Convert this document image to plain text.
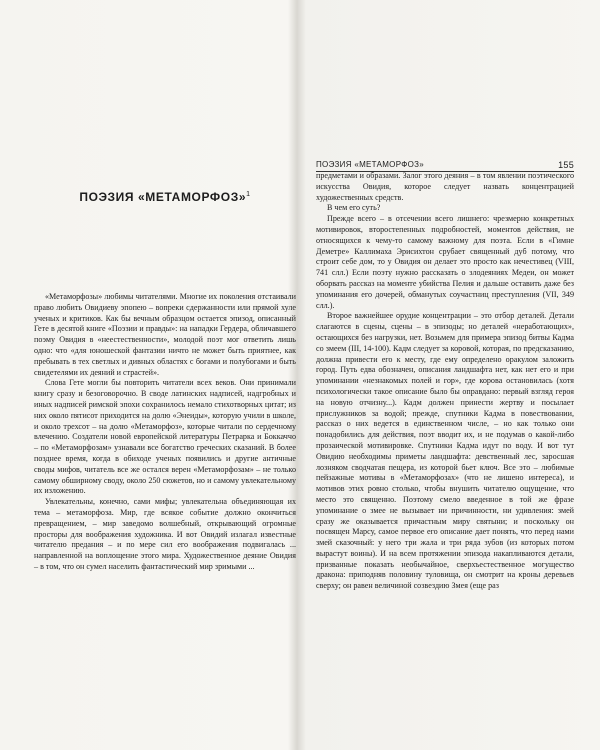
ПОЭЗИЯ «МЕТАМОРФОЗ»$^1$

«Метаморфозы» любимы читателями. Многие их поколения отстаивали право любить Овидиеву эпопею – вопреки сдержанности или прямой хуле ученых и критиков. Как бы вечным образцом остается эпизод, описанный Гете в десятой книге «Поэзии и правды»: на нападки Гердера, обличавшего поэму Овидия в «неестественности», молодой поэт мог ответить лишь одно: что «для юношеской фантазии ничто не может быть приятнее, как пребывать в тех светлых и дивных областях с богами и полубогами и быть свидетелями их деяний и страстей».

Слова Гете могли бы повторить читатели всех веков. Они принимали книгу сразу и безоговорочно. В своде латинских надписей, надгробных и иных надписей римской эпохи сохранилось немало стихотворных цитат; из них около пятисот приходится на долю «Энеиды», которую учили в школе, и около трехсот – на долю «Метаморфоз», которые читали по сердечному влечению. Создатели новой европейской литературы Петрарка и Боккаччо – по «Метаморфозам» узнавали все богатство греческих сказаний. В более позднее время, когда в обиходе ученых появились и другие античные своды мифов, читатель все же остался верен «Метаморфозам» – не только самому обширному своду, около 250 сюжетов, но и самому увлекательному их изложению.

Увлекательны, конечно, сами мифы; увлекательна объединяющая их тема – метаморфоза. Мир, где всякое событие должно окончиться превращением, – мир заведомо волшебный, открывающий огромные просторы для воображения художника. И вот Овидий излагал известные читателю предания – и по мере сил его воображения подвигалась ... направленной на воплощение этого мира. Художественное деяние Овидия – в том, что он сумел населить фантастический мир зримыми ...

ПОЭЗИЯ «МЕТАМОРФОЗ»	155

предметами и образами. Залог этого деяния – в том явлении поэтического искусства Овидия, которое следует назвать концентрацией художественных средств.

В чем его суть?

Прежде всего – в отсечении всего лишнего: чрезмерно конкретных мотивировок, второстепенных подробностей, моментов действия, не относящихся к чему-то самому важному для поэта. Если в «Гимне Деметре» Каллимаха Эрисихтон срубает священный дуб потому, что строит себе дом, то у Овидия он делает это просто как нечестивец (VIII, 741 слл.) Если поэту нужно рассказать о злодеяниях Медеи, он может оборвать рассказ на моменте убийства Пелия и дальше оставить даже без упоминания его дочерей, обманутых соучастниц преступления (VII, 349 слл.).

Второе важнейшее орудие концентрации – это отбор деталей. Детали слагаются в сцены, сцены – в эпизоды; но деталей «неработающих», остающихся без нагрузки, нет. Возьмем для примера эпизод битвы Кадма со змеем (III, 14-100). Кадм следует за коровой, которая, по предсказанию, должна привести его к месту, где ему определено оракулом заложить город. Путь едва обозначен, описания ландшафта нет, как нет его и при упоминании «незнакомых полей и гор», где корова остановилась (хотя психологически такое описание было бы оправдано: первый взгляд героя на новую отчизну...). Кадм должен принести жертву и посылает прислужников за водой; прежде, спутники Кадма в повествовании, рассказ о них ведется в единственном числе, – но как только они понадобились для действия, поэт вводит их, и не подумав о какой-либо прозаической мотивировке. Спутники Кадма идут по воду. И вот тут Овидию необходимы приметы ландшафта: девственный лес, заросшая лозняком сводчатая пещера, из которой бьет ключ. Все это – любимые пейзажные мотивы в «Метаморфозах» (что не лишено интереса), и мотивов этих ровно столько, чтобы внушить читателю ощущение, что место это священно. Поэтому смело введенное в той же фразе упоминание о змее не вызывает ни причинности, ни удивления: змей сразу же оказывается причастным миру святыни; и поскольку он посвящен Марсу, самое первое его описание дает понять, что перед нами змей сказочный: у него три жала и три ряда зубов (из которых потом вырастут воины). И на всем протяжении эпизода накапливаются детали, призванные показать необычайное, сверхъестественное могущество дракона: приподняв половину туловища, он смотрит на кроны деревьев сверху; он равен величиной созвездию Змея (еще раз
